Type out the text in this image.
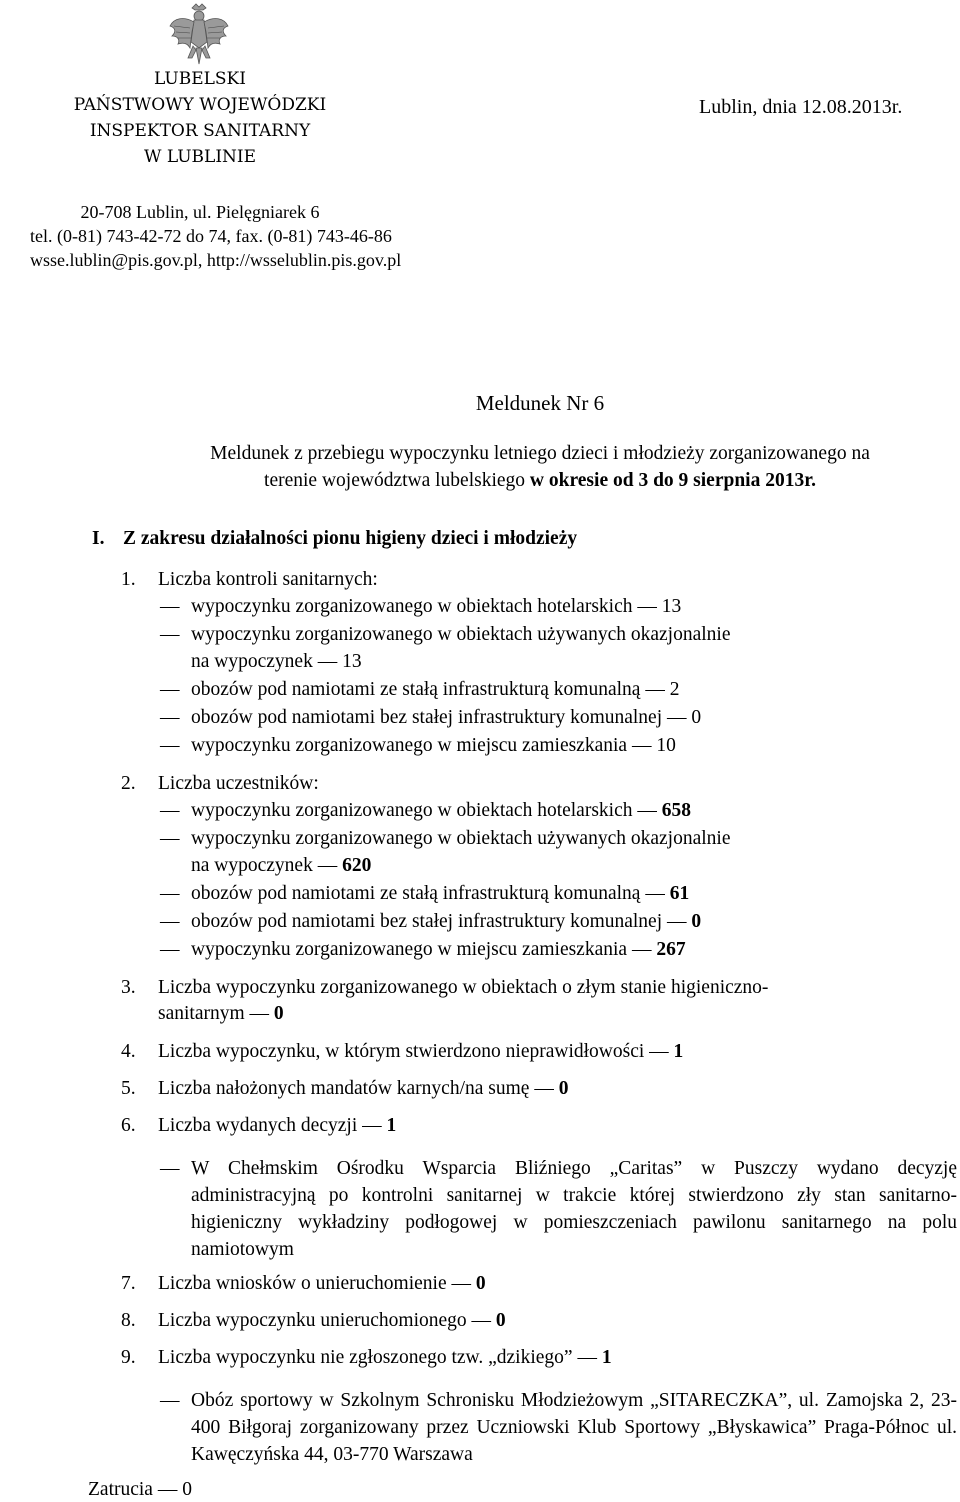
LUBELSKI
PAŃSTWOWY WOJEWÓDZKI
INSPEKTOR SANITARNY
W LUBLINIE
Lublin, dnia 12.08.2013r.
20-708 Lublin, ul. Pielęgniarek 6
tel. (0-81) 743-42-72 do 74, fax. (0-81) 743-46-86
wsse.lublin@pis.gov.pl, http://wsselublin.pis.gov.pl
Meldunek Nr 6
Meldunek z przebiegu wypoczynku letniego dzieci i młodzieży zorganizowanego na
terenie województwa lubelskiego w okresie od 3 do 9 sierpnia 2013r.
I. Z zakresu działalności pionu higieny dzieci i młodzieży
1. Liczba kontroli sanitarnych:
— wypoczynku zorganizowanego w obiektach hotelarskich — 13
— wypoczynku zorganizowanego w obiektach używanych okazjonalnie
na wypoczynek — 13
— obozów pod namiotami ze stałą infrastrukturą komunalną — 2
— obozów pod namiotami bez stałej infrastruktury komunalnej — 0
— wypoczynku zorganizowanego w miejscu zamieszkania — 10
2. Liczba uczestników:
— wypoczynku zorganizowanego w obiektach hotelarskich — 658
— wypoczynku zorganizowanego w obiektach używanych okazjonalnie
na wypoczynek — 620
— obozów pod namiotami ze stałą infrastrukturą komunalną — 61
— obozów pod namiotami bez stałej infrastruktury komunalnej — 0
— wypoczynku zorganizowanego w miejscu zamieszkania — 267
3. Liczba wypoczynku zorganizowanego w obiektach o złym stanie higieniczno-
sanitarnym — 0
4. Liczba wypoczynku, w którym stwierdzono nieprawidłowości — 1
5. Liczba nałożonych mandatów karnych/na sumę — 0
6. Liczba wydanych decyzji — 1
— W Chełmskim Ośrodku Wsparcia Bliźniego „Caritas” w Puszczy wydano decyzję administracyjną po kontrolni sanitarnej w trakcie której stwierdzono zły stan sanitarno-higieniczny wykładziny podłogowej w pomieszczeniach pawilonu sanitarnego na polu namiotowym
7. Liczba wniosków o unieruchomienie — 0
8. Liczba wypoczynku unieruchomionego — 0
9. Liczba wypoczynku nie zgłoszonego tzw. „dzikiego” — 1
— Obóz sportowy w Szkolnym Schronisku Młodzieżowym „SITARECZKA”, ul. Zamojska 2, 23-400 Biłgoraj zorganizowany przez Uczniowski Klub Sportowy „Błyskawica” Praga-Północ ul. Kawęczyńska 44, 03-770 Warszawa
Zatrucia — 0
